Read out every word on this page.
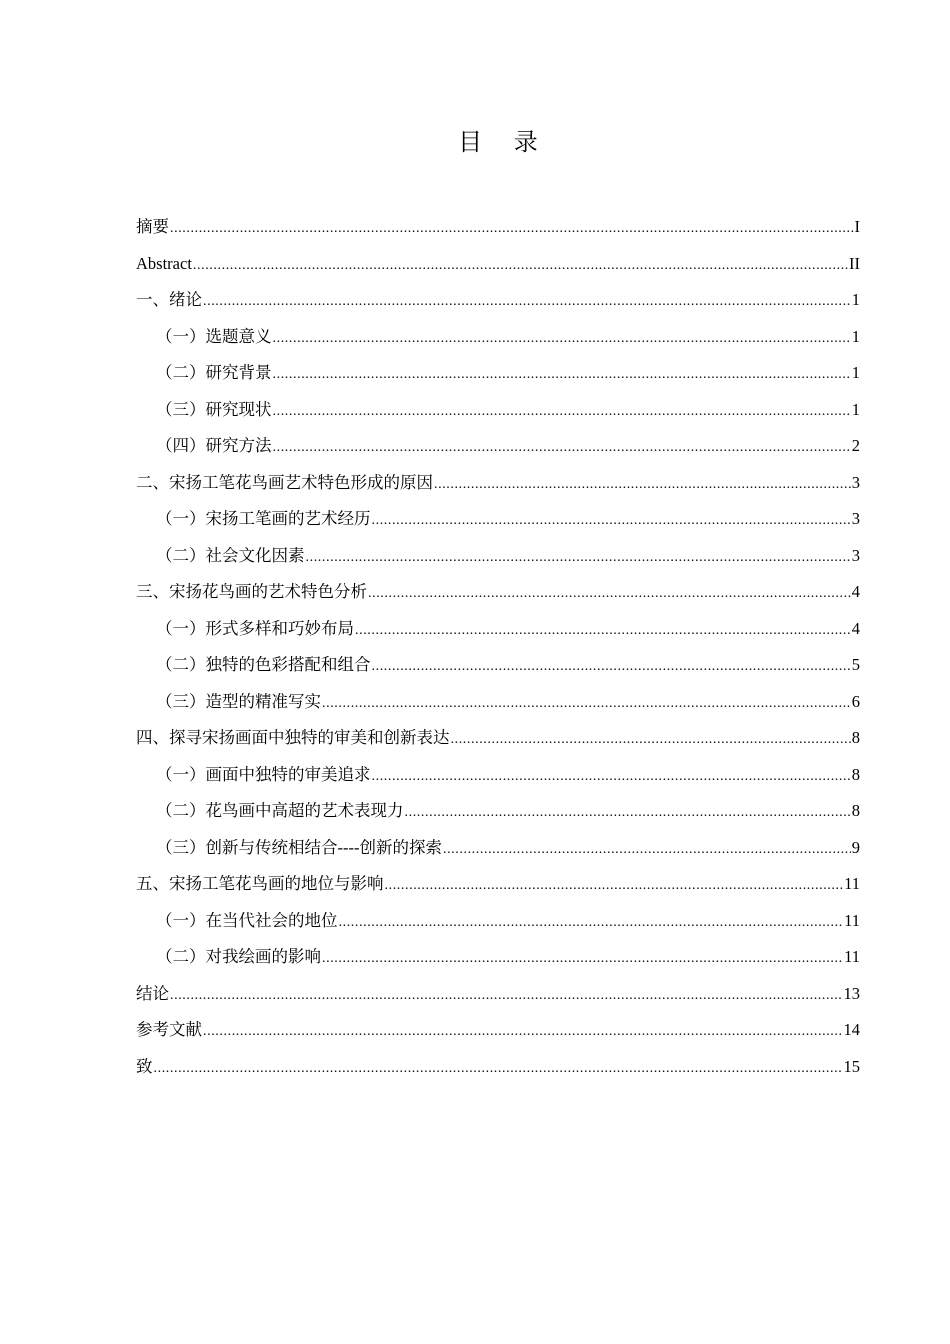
目 录
摘要 .....	I
Abstract .....	II
一、绪论 .....	1
（一）选题意义 .....	1
（二）研究背景 .....	1
（三）研究现状 .....	1
（四）研究方法 .....	2
二、宋扬工笔花鸟画艺术特色形成的原因 .....	3
（一）宋扬工笔画的艺术经历 .....	3
（二）社会文化因素 .....	3
三、宋扬花鸟画的艺术特色分析 .....	4
（一）形式多样和巧妙布局 .....	4
（二）独特的色彩搭配和组合 .....	5
（三）造型的精准写实 .....	6
四、探寻宋扬画面中独特的审美和创新表达 .....	8
（一）画面中独特的审美追求 .....	8
（二）花鸟画中高超的艺术表现力 .....	8
（三）创新与传统相结合----创新的探索 .....	9
五、宋扬工笔花鸟画的地位与影响 .....	11
（一）在当代社会的地位 .....	11
（二）对我绘画的影响 .....	11
结论 .....	13
参考文献 .....	14
致 .....	15
